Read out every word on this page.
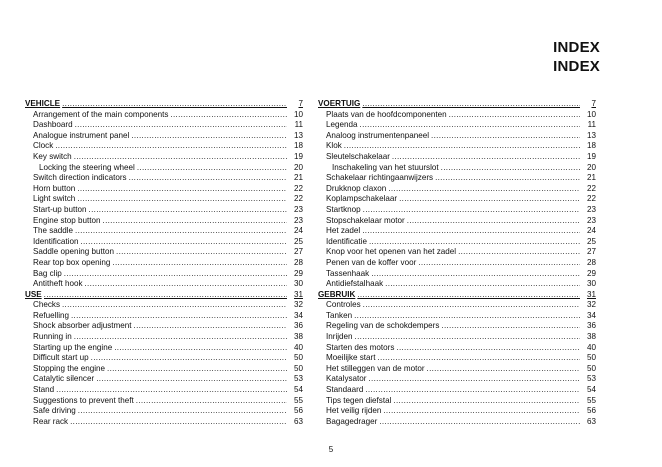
INDEX
INDEX
VEHICLE .....	7
Arrangement of the main components .....	10
Dashboard .....	11
Analogue instrument panel .....	13
Clock .....	18
Key switch .....	19
Locking the steering wheel .....	20
Switch direction indicators .....	21
Horn button .....	22
Light switch .....	22
Start-up button .....	23
Engine stop button .....	23
The saddle .....	24
Identification .....	25
Saddle opening button .....	27
Rear top box opening .....	28
Bag clip .....	29
Antitheft hook .....	30
USE .....	31
Checks .....	32
Refuelling .....	34
Shock absorber adjustment .....	36
Running in .....	38
Starting up the engine .....	40
Difficult start up .....	50
Stopping the engine .....	50
Catalytic silencer .....	53
Stand .....	54
Suggestions to prevent theft .....	55
Safe driving .....	56
Rear rack .....	63
VOERTUIG .....	7
Plaats van de hoofdcomponenten .....	10
Legenda .....	11
Analoog instrumentenpaneel .....	13
Klok .....	18
Sleutelschakelaar .....	19
Inschakeling van het stuurslot .....	20
Schakelaar richtingaanwijzers .....	21
Drukknop claxon .....	22
Koplampschakelaar .....	22
Startknop .....	23
Stopschakelaar motor .....	23
Het zadel .....	24
Identificatie .....	25
Knop voor het openen van het zadel .....	27
Penen van de koffer voor .....	28
Tassenhaak .....	29
Antidiefstalhaak .....	30
GEBRUIK .....	31
Controles .....	32
Tanken .....	34
Regeling van de schokdempers .....	36
Inrijden .....	38
Starten des motors .....	40
Moeilijke start .....	50
Het stilleggen van de motor .....	50
Katalysator .....	53
Standaard .....	54
Tips tegen diefstal .....	55
Het veilig rijden .....	56
Bagagedrager .....	63
5
